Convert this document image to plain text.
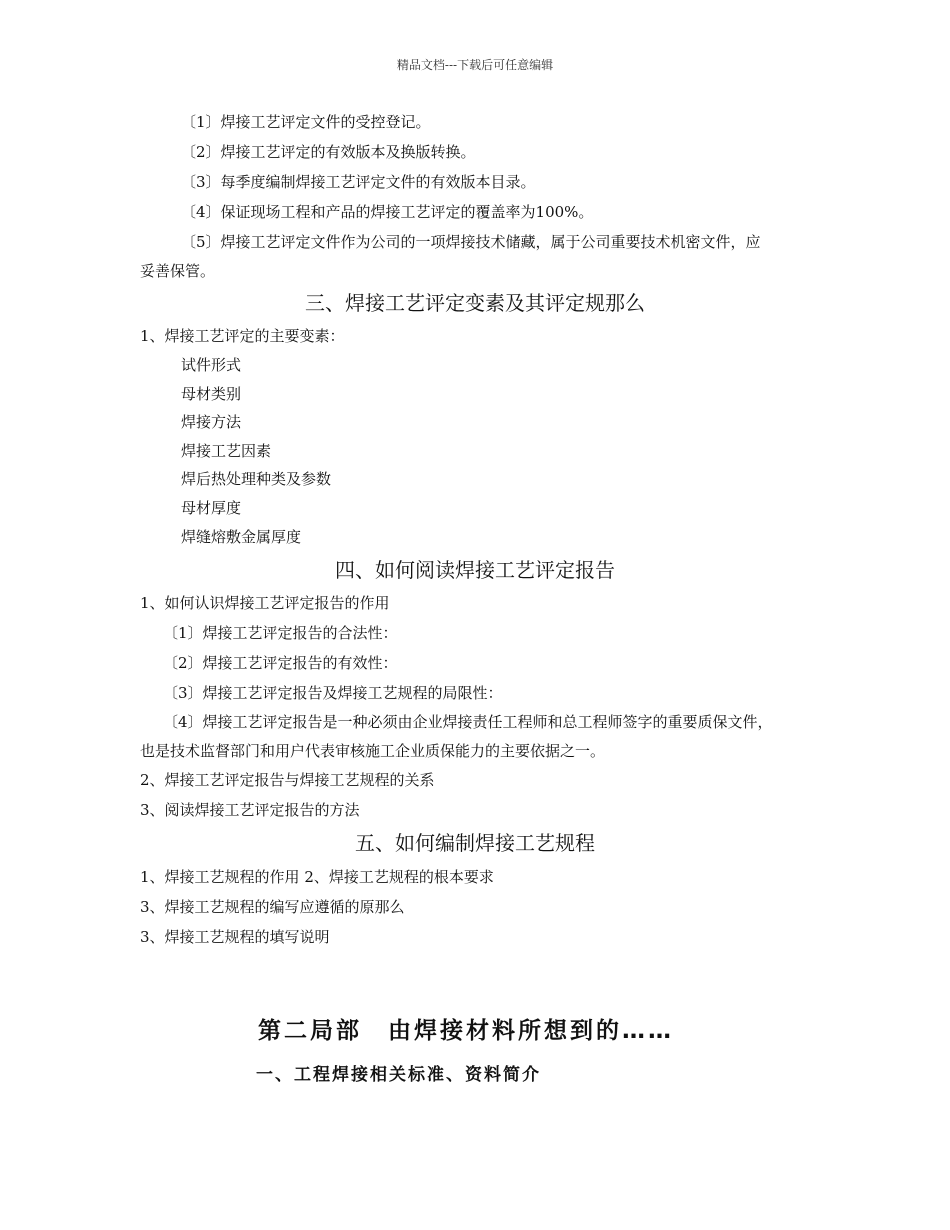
精品文档---下载后可任意编辑
〔1〕焊接工艺评定文件的受控登记。
〔2〕焊接工艺评定的有效版本及换版转换。
〔3〕每季度编制焊接工艺评定文件的有效版本目录。
〔4〕保证现场工程和产品的焊接工艺评定的覆盖率为100%。
〔5〕焊接工艺评定文件作为公司的一项焊接技术储藏，属于公司重要技术机密文件，应
妥善保管。
三、焊接工艺评定变素及其评定规那么
1、焊接工艺评定的主要变素：
试件形式
母材类别
焊接方法
焊接工艺因素
焊后热处理种类及参数
母材厚度
焊缝熔敷金属厚度
四、如何阅读焊接工艺评定报告
1、如何认识焊接工艺评定报告的作用
〔1〕焊接工艺评定报告的合法性：
〔2〕焊接工艺评定报告的有效性：
〔3〕焊接工艺评定报告及焊接工艺规程的局限性：
〔4〕焊接工艺评定报告是一种必须由企业焊接责任工程师和总工程师签字的重要质保文件，
也是技术监督部门和用户代表审核施工企业质保能力的主要依据之一。
2、焊接工艺评定报告与焊接工艺规程的关系
3、阅读焊接工艺评定报告的方法
五、如何编制焊接工艺规程
1、焊接工艺规程的作用 2、焊接工艺规程的根本要求
3、焊接工艺规程的编写应遵循的原那么
3、焊接工艺规程的填写说明
第二局部　由焊接材料所想到的……
一、工程焊接相关标准、资料简介
